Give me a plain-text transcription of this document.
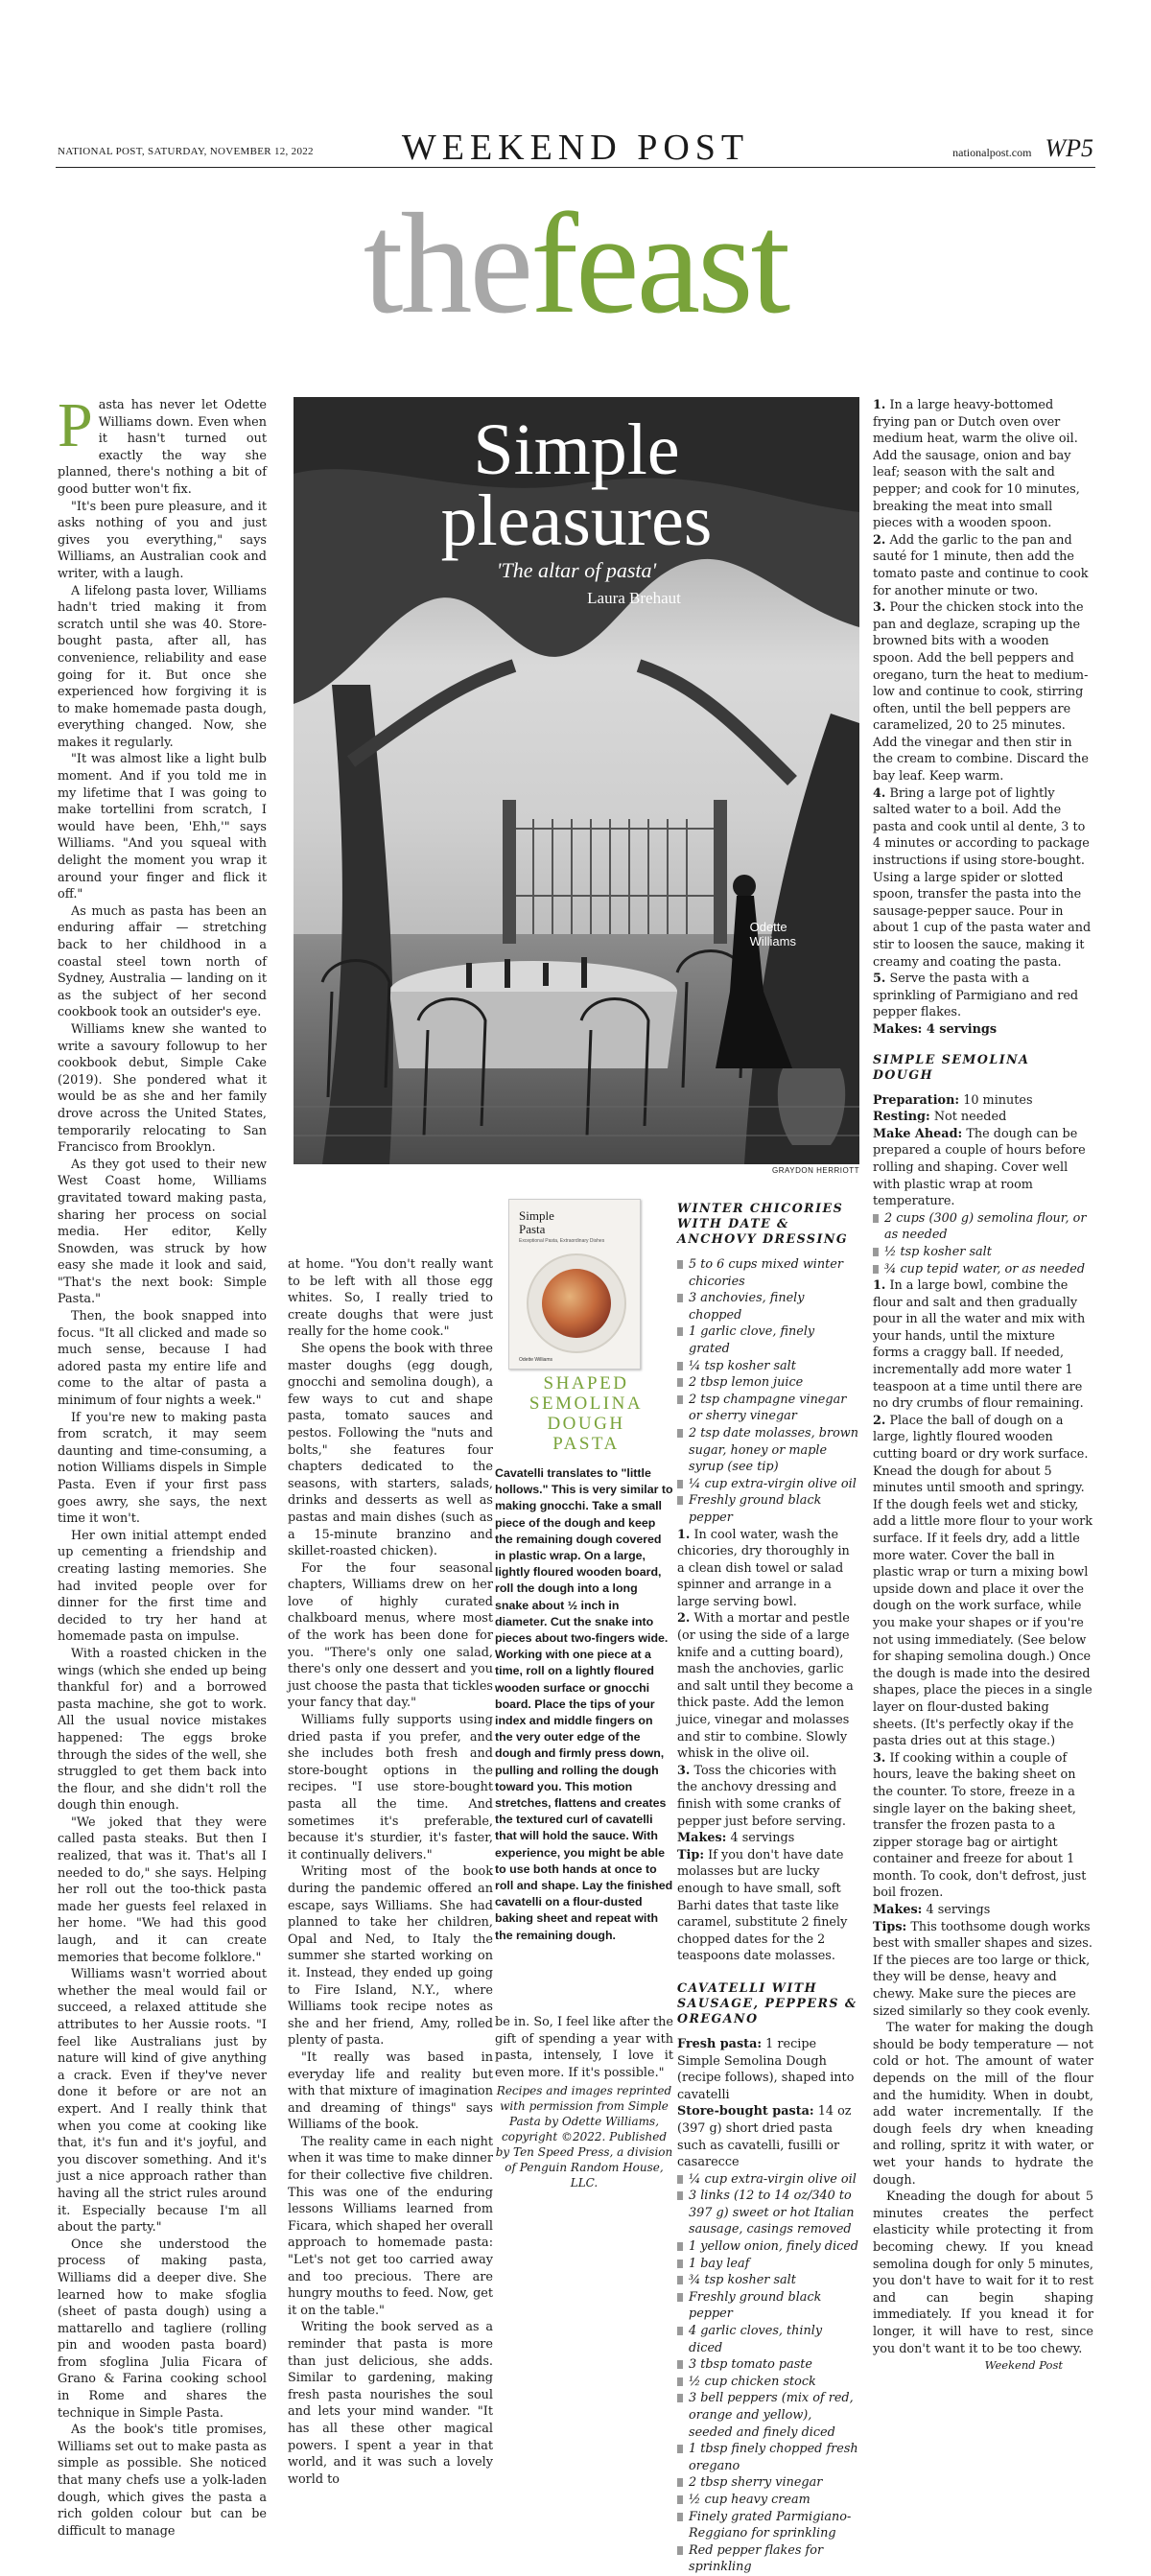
NATIONAL POST, SATURDAY, NOVEMBER 12, 2022	WEEKEND POST	nationalpost.com WP5
thefeast

Pasta has never let Odette Williams down. Even when it hasn't turned out exactly the way she planned, there's nothing a bit of good butter won't fix.

"It's been pure pleasure, and it asks nothing of you and just gives you everything," says Williams, an Australian cook and writer, with a laugh.

A lifelong pasta lover, Williams hadn't tried making it from scratch until she was 40. Store-bought pasta, after all, has convenience, reliability and ease going for it. But once she experienced how forgiving it is to make homemade pasta dough, everything changed. Now, she makes it regularly.

"It was almost like a light bulb moment. And if you told me in my lifetime that I was going to make tortellini from scratch, I would have been, 'Ehh,'" says Williams. "And you squeal with delight the moment you wrap it around your finger and flick it off."

As much as pasta has been an enduring affair — stretching back to her childhood in a coastal steel town north of Sydney, Australia — landing on it as the subject of her second cookbook took an outsider's eye.

Williams knew she wanted to write a savoury followup to her cookbook debut, Simple Cake (2019). She pondered what it would be as she and her family drove across the United States, temporarily relocating to San Francisco from Brooklyn.

As they got used to their new West Coast home, Williams gravitated toward making pasta, sharing her process on social media. Her editor, Kelly Snowden, was struck by how easy she made it look and said, "That's the next book: Simple Pasta."

Then, the book snapped into focus. "It all clicked and made so much sense, because I had adored pasta my entire life and come to the altar of pasta a minimum of four nights a week."

If you're new to making pasta from scratch, it may seem daunting and time-consuming, a notion Williams dispels in Simple Pasta. Even if your first pass goes awry, she says, the next time it won't.

Her own initial attempt ended up cementing a friendship and creating lasting memories. She had invited people over for dinner for the first time and decided to try her hand at homemade pasta on impulse.

With a roasted chicken in the wings (which she ended up being thankful for) and a borrowed pasta machine, she got to work. All the usual novice mistakes happened: The eggs broke through the sides of the well, she struggled to get them back into the flour, and she didn't roll the dough thin enough.

"We joked that they were called pasta steaks. But then I realized, that was it. That's all I needed to do," she says. Helping her roll out the too-thick pasta made her guests feel relaxed in her home. "We had this good laugh, and it can create memories that become folklore."

Williams wasn't worried about whether the meal would fail or succeed, a relaxed attitude she attributes to her Aussie roots. "I feel like Australians just by nature will kind of give anything a crack. Even if they've never done it before or are not an expert. And I really think that when you come at cooking like that, it's fun and it's joyful, and you discover something. And it's just a nice approach rather than having all the strict rules around it. Especially because I'm all about the party."

Once she understood the process of making pasta, Williams did a deeper dive. She learned how to make sfoglia (sheet of pasta dough) using a mattarello and tagliere (rolling pin and wooden pasta board) from sfoglina Julia Ficara of Grano & Farina cooking school in Rome and shares the technique in Simple Pasta.

As the book's title promises, Williams set out to make pasta as simple as possible. She noticed that many chefs use a yolk-laden dough, which gives the pasta a rich golden colour but can be difficult to manage

Simple
pleasures
'The altar of pasta'
Laura Brehaut
Odette
Williams
GRAYDON HERRIOTT

at home. "You don't really want to be left with all those egg whites. So, I really tried to create doughs that were just really for the home cook."

She opens the book with three master doughs (egg dough, gnocchi and semolina dough), a few ways to cut and shape pasta, tomato sauces and pestos. Following the "nuts and bolts," she features four chapters dedicated to the seasons, with starters, salads, drinks and desserts as well as pastas and main dishes (such as a 15-minute branzino and skillet-roasted chicken).

For the four seasonal chapters, Williams drew on her love of highly curated chalkboard menus, where most of the work has been done for you. "There's only one salad, there's only one dessert and you just choose the pasta that tickles your fancy that day."

Williams fully supports using dried pasta if you prefer, and she includes both fresh and store-bought options in the recipes. "I use store-bought pasta all the time. And sometimes it's preferable, because it's sturdier, it's faster, it continually delivers."

Writing most of the book during the pandemic offered an escape, says Williams. She had planned to take her children, Opal and Ned, to Italy the summer she started working on it. Instead, they ended up going to Fire Island, N.Y., where Williams took recipe notes as she and her friend, Amy, rolled plenty of pasta.

"It really was based in everyday life and reality but with that mixture of imagination and dreaming of things" says Williams of the book.

The reality came in each night when it was time to make dinner for their collective five children. This was one of the enduring lessons Williams learned from Ficara, which shaped her overall approach to homemade pasta: "Let's not get too carried away and too precious. There are hungry mouths to feed. Now, get it on the table."

Writing the book served as a reminder that pasta is more than just delicious, she adds. Similar to gardening, making fresh pasta nourishes the soul and lets your mind wander. "It has all these other magical powers. I spent a year in that world, and it was such a lovely world to

Simple
Pasta
Exceptional Pasta, Extraordinary Dishes
Odette Williams
SHAPED
SEMOLINA
DOUGH
PASTA
Cavatelli translates to "little hollows." This is very similar to making gnocchi. Take a small piece of the dough and keep the remaining dough covered in plastic wrap. On a large, lightly floured wooden board, roll the dough into a long snake about ½ inch in diameter. Cut the snake into pieces about two-fingers wide. Working with one piece at a time, roll on a lightly floured wooden surface or gnocchi board. Place the tips of your index and middle fingers on the very outer edge of the dough and firmly press down, pulling and rolling the dough toward you. This motion stretches, flattens and creates the textured curl of cavatelli that will hold the sauce. With experience, you might be able to use both hands at once to roll and shape. Lay the finished cavatelli on a flour-dusted baking sheet and repeat with the remaining dough.

be in. So, I feel like after the gift of spending a year with pasta, intensely, I love it even more. If it's possible."

Recipes and images reprinted with permission from Simple Pasta by Odette Williams, copyright ©2022. Published by Ten Speed Press, a division of Penguin Random House, LLC.
WINTER CHICORIES WITH DATE & ANCHOVY DRESSING
5 to 6 cups mixed winter chicories
3 anchovies, finely chopped
1 garlic clove, finely grated
¼ tsp kosher salt
2 tbsp lemon juice
2 tsp champagne vinegar or sherry vinegar
2 tsp date molasses, brown sugar, honey or maple syrup (see tip)
¼ cup extra-virgin olive oil
Freshly ground black pepper
1. In cool water, wash the chicories, dry thoroughly in a clean dish towel or salad spinner and arrange in a large serving bowl.
2. With a mortar and pestle (or using the side of a large knife and a cutting board), mash the anchovies, garlic and salt until they become a thick paste. Add the lemon juice, vinegar and molasses and stir to combine. Slowly whisk in the olive oil.
3. Toss the chicories with the anchovy dressing and finish with some cranks of pepper just before serving.
Makes: 4 servings
Tip: If you don't have date molasses but are lucky enough to have small, soft Barhi dates that taste like caramel, substitute 2 finely chopped dates for the 2 teaspoons date molasses.
CAVATELLI WITH SAUSAGE, PEPPERS & OREGANO
Fresh pasta: 1 recipe Simple Semolina Dough (recipe follows), shaped into cavatelli
Store-bought pasta: 14 oz (397 g) short dried pasta such as cavatelli, fusilli or casarecce
¼ cup extra-virgin olive oil
3 links (12 to 14 oz/340 to 397 g) sweet or hot Italian sausage, casings removed
1 yellow onion, finely diced
1 bay leaf
¾ tsp kosher salt
Freshly ground black pepper
4 garlic cloves, thinly diced
3 tbsp tomato paste
½ cup chicken stock
3 bell peppers (mix of red, orange and yellow), seeded and finely diced
1 tbsp finely chopped fresh oregano
2 tbsp sherry vinegar
½ cup heavy cream
Finely grated Parmigiano-Reggiano for sprinkling
Red pepper flakes for sprinkling
1. In a large heavy-bottomed frying pan or Dutch oven over medium heat, warm the olive oil. Add the sausage, onion and bay leaf; season with the salt and pepper; and cook for 10 minutes, breaking the meat into small pieces with a wooden spoon.
2. Add the garlic to the pan and sauté for 1 minute, then add the tomato paste and continue to cook for another minute or two.
3. Pour the chicken stock into the pan and deglaze, scraping up the browned bits with a wooden spoon. Add the bell peppers and oregano, turn the heat to medium-low and continue to cook, stirring often, until the bell peppers are caramelized, 20 to 25 minutes. Add the vinegar and then stir in the cream to combine. Discard the bay leaf. Keep warm.
4. Bring a large pot of lightly salted water to a boil. Add the pasta and cook until al dente, 3 to 4 minutes or according to package instructions if using store-bought. Using a large spider or slotted spoon, transfer the pasta into the sausage-pepper sauce. Pour in about 1 cup of the pasta water and stir to loosen the sauce, making it creamy and coating the pasta.
5. Serve the pasta with a sprinkling of Parmigiano and red pepper flakes.
Makes: 4 servings
SIMPLE SEMOLINA DOUGH
Preparation: 10 minutes
Resting: Not needed
Make Ahead: The dough can be prepared a couple of hours before rolling and shaping. Cover well with plastic wrap at room temperature.
2 cups (300 g) semolina flour, or as needed
½ tsp kosher salt
¾ cup tepid water, or as needed
1. In a large bowl, combine the flour and salt and then gradually pour in all the water and mix with your hands, until the mixture forms a craggy ball. If needed, incrementally add more water 1 teaspoon at a time until there are no dry crumbs of flour remaining.
2. Place the ball of dough on a large, lightly floured wooden cutting board or dry work surface. Knead the dough for about 5 minutes until smooth and springy. If the dough feels wet and sticky, add a little more flour to your work surface. If it feels dry, add a little more water. Cover the ball in plastic wrap or turn a mixing bowl upside down and place it over the dough on the work surface, while you make your shapes or if you're not using immediately. (See below for shaping semolina dough.) Once the dough is made into the desired shapes, place the pieces in a single layer on flour-dusted baking sheets. (It's perfectly okay if the pasta dries out at this stage.)
3. If cooking within a couple of hours, leave the baking sheet on the counter. To store, freeze in a single layer on the baking sheet, transfer the frozen pasta to a zipper storage bag or airtight container and freeze for about 1 month. To cook, don't defrost, just boil frozen.
Makes: 4 servings
Tips: This toothsome dough works best with smaller shapes and sizes. If the pieces are too large or thick, they will be dense, heavy and chewy. Make sure the pieces are sized similarly so they cook evenly.

The water for making the dough should be body temperature — not cold or hot. The amount of water depends on the mill of the flour and the humidity. When in doubt, add water incrementally. If the dough feels dry when kneading and rolling, spritz it with water, or wet your hands to hydrate the dough.

Kneading the dough for about 5 minutes creates the perfect elasticity while protecting it from becoming chewy. If you knead semolina dough for only 5 minutes, you don't have to wait for it to rest and can begin shaping immediately. If you knead it for longer, it will have to rest, since you don't want it to be too chewy.

Weekend Post
